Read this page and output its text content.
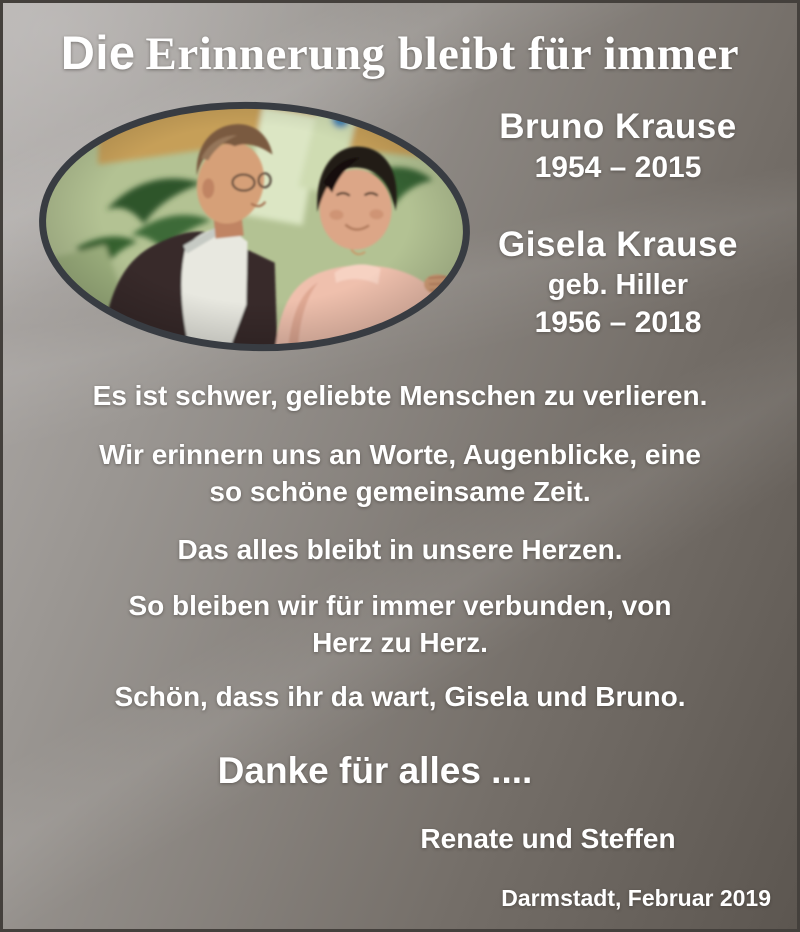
Die Erinnerung bleibt für immer
Bruno Krause
1954 – 2015
Gisela Krause
geb. Hiller
1956 – 2018
Es ist schwer, geliebte Menschen zu verlieren.
Wir erinnern uns an Worte, Augenblicke, eine
so schöne gemeinsame Zeit.
Das alles bleibt in unsere Herzen.
So bleiben wir für immer verbunden, von
Herz zu Herz.
Schön, dass ihr da wart, Gisela und Bruno.
Danke für alles ....
Renate und Steffen
Darmstadt, Februar 2019
